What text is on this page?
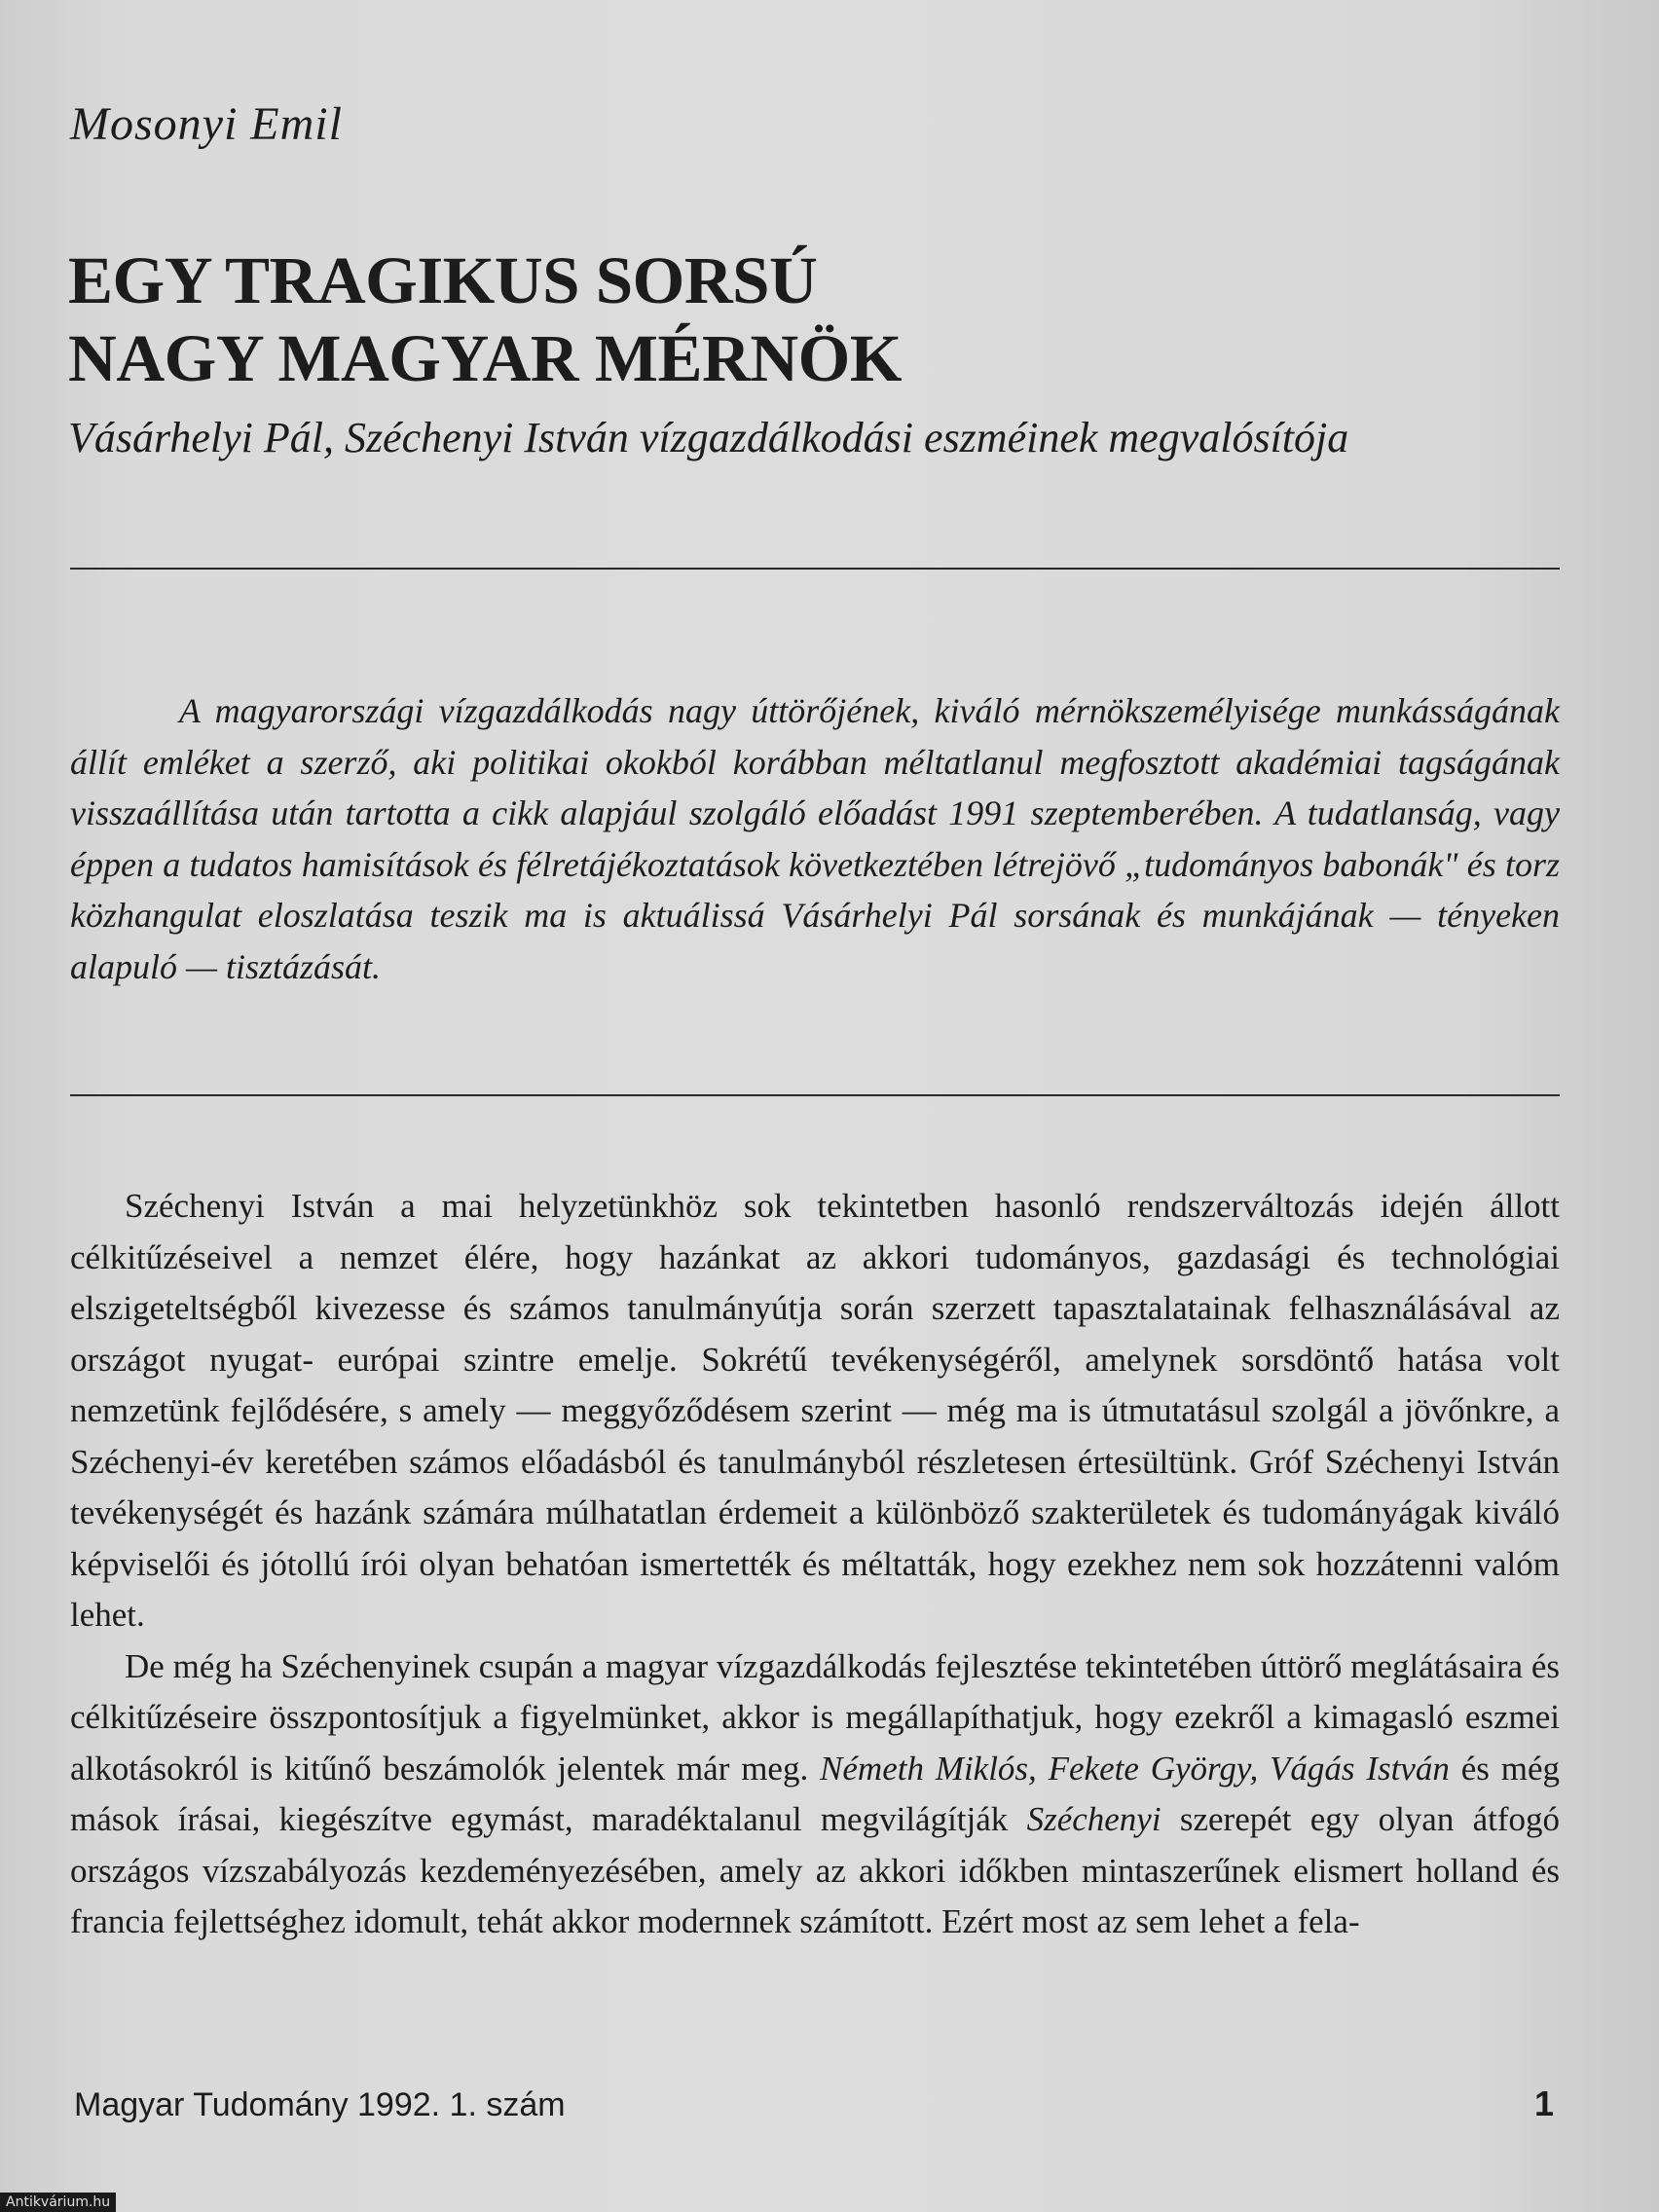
Mosonyi Emil
EGY TRAGIKUS SORSÚ
NAGY MAGYAR MÉRNÖK

Vásárhelyi Pál, Széchenyi István vízgazdálkodási eszméinek megvalósítója

A magyarországi vízgazdálkodás nagy úttörőjének, kiváló mérnökszemélyisége munkásságának állít emléket a szerző, aki politikai okokból korábban méltatlanul megfosztott akadémiai tagságának visszaállítása után tartotta a cikk alapjául szolgáló előadást 1991 szeptemberében. A tudatlanság, vagy éppen a tudatos hamisítások és félretájékoztatások következtében létrejövő „tudományos babonák" és torz közhangulat eloszlatása teszik ma is aktuálissá Vásárhelyi Pál sorsának és munkájának — tényeken alapuló — tisztázását.

Széchenyi István a mai helyzetünkhöz sok tekintetben hasonló rendszerváltozás idején állott célkitűzéseivel a nemzet élére, hogy hazánkat az akkori tudományos, gazdasági és technológiai elszigeteltségből kivezesse és számos tanulmányútja során szerzett tapasztalatainak felhasználásával az országot nyugat- európai szintre emelje. Sokrétű tevékenységéről, amelynek sorsdöntő hatása volt nemzetünk fejlődésére, s amely — meggyőződésem szerint — még ma is útmutatásul szolgál a jövőnkre, a Széchenyi-év keretében számos előadásból és tanulmányból részletesen értesültünk. Gróf Széchenyi István tevékenységét és hazánk számára múlhatatlan érdemeit a különböző szakterületek és tudományágak kiváló képviselői és jótollú írói olyan behatóan ismertették és méltatták, hogy ezekhez nem sok hozzátenni valóm lehet.

De még ha Széchenyinek csupán a magyar vízgazdálkodás fejlesztése tekintetében úttörő meglátásaira és célkitűzéseire összpontosítjuk a figyelmünket, akkor is megállapíthatjuk, hogy ezekről a kimagasló eszmei alkotásokról is kitűnő beszámolók jelentek már meg. Németh Miklós, Fekete György, Vágás István és még mások írásai, kiegészítve egymást, maradéktalanul megvilágítják Széchenyi szerepét egy olyan átfogó országos vízszabályozás kezdeményezésében, amely az akkori időkben mintaszerűnek elismert holland és francia fejlettséghez idomult, tehát akkor modernnek számított. Ezért most az sem lehet a fela-

Magyar Tudomány 1992. 1. szám	1
Antikvárium.hu
